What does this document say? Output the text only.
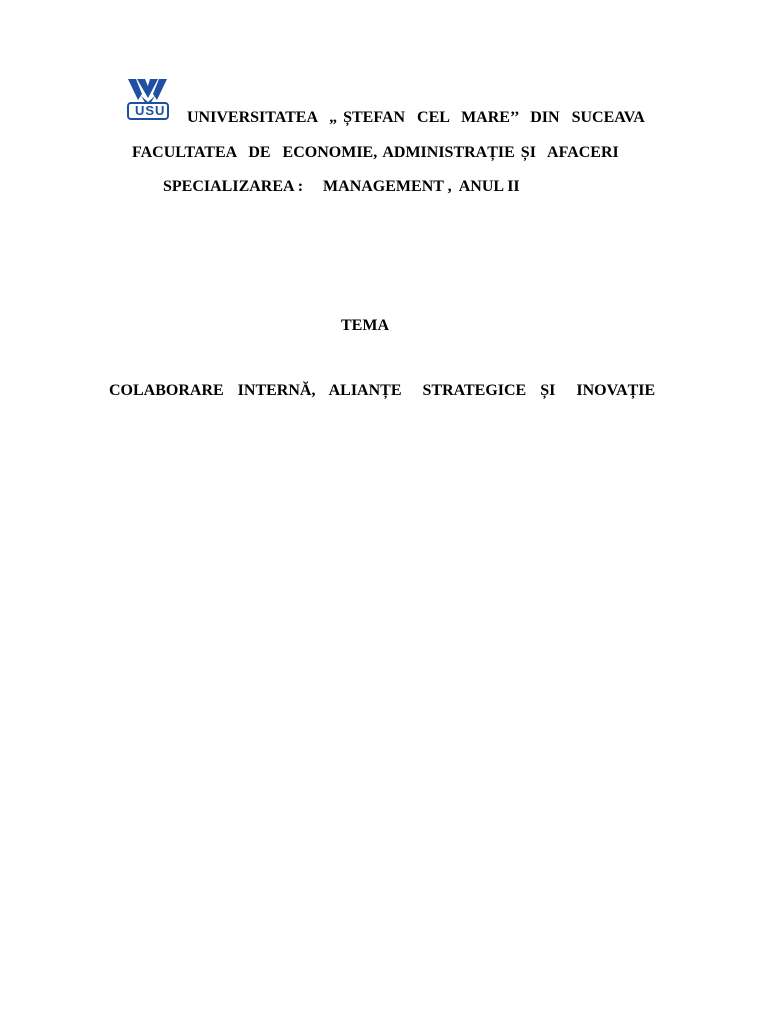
USU UNIVERSITATEA  „ ȘTEFAN  CEL  MARE’’  DIN  SUCEAVA
FACULTATEA  DE  ECONOMIE, ADMINISTRAȚIE ȘI  AFACERI
SPECIALIZAREA :     MANAGEMENT ,  ANUL II
TEMA
COLABORARE  INTERNĂ,  ALIANȚE   STRATEGICE  ȘI   INOVAȚIE
